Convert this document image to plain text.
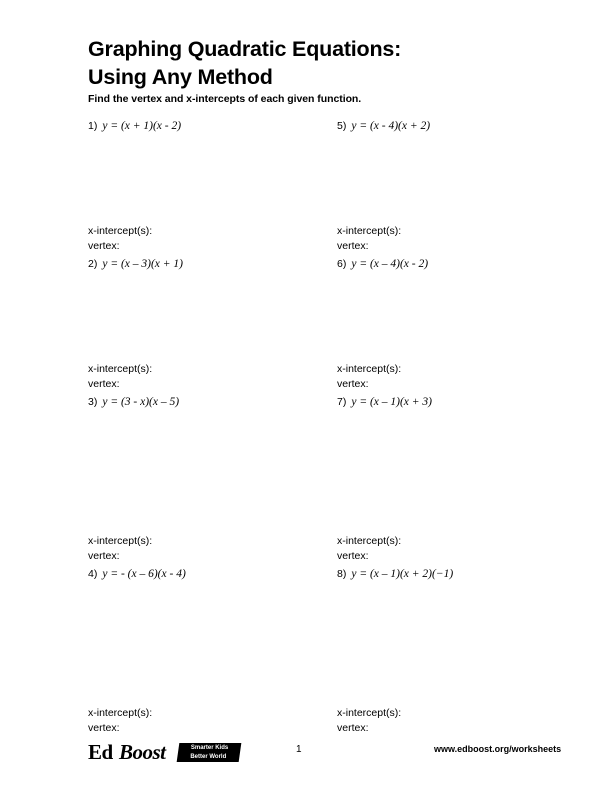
Graphing Quadratic Equations:
Using Any Method
Find the vertex and x-intercepts of each given function.
1) y = (x + 1)(x - 2)
x-intercept(s):
vertex:
2) y = (x – 3)(x + 1)
x-intercept(s):
vertex:
3) y = (3 - x)(x – 5)
x-intercept(s):
vertex:
4) y = - (x – 6)(x - 4)
x-intercept(s):
vertex:
5) y = (x - 4)(x + 2)
x-intercept(s):
vertex:
6) y = (x – 4)(x - 2)
x-intercept(s):
vertex:
7) y = (x – 1)(x + 3)
x-intercept(s):
vertex:
8) y = (x – 1)(x + 2)(−1)
x-intercept(s):
vertex:
Ed Boost	Smarter Kids
Better World
1	www.edboost.org/worksheets
